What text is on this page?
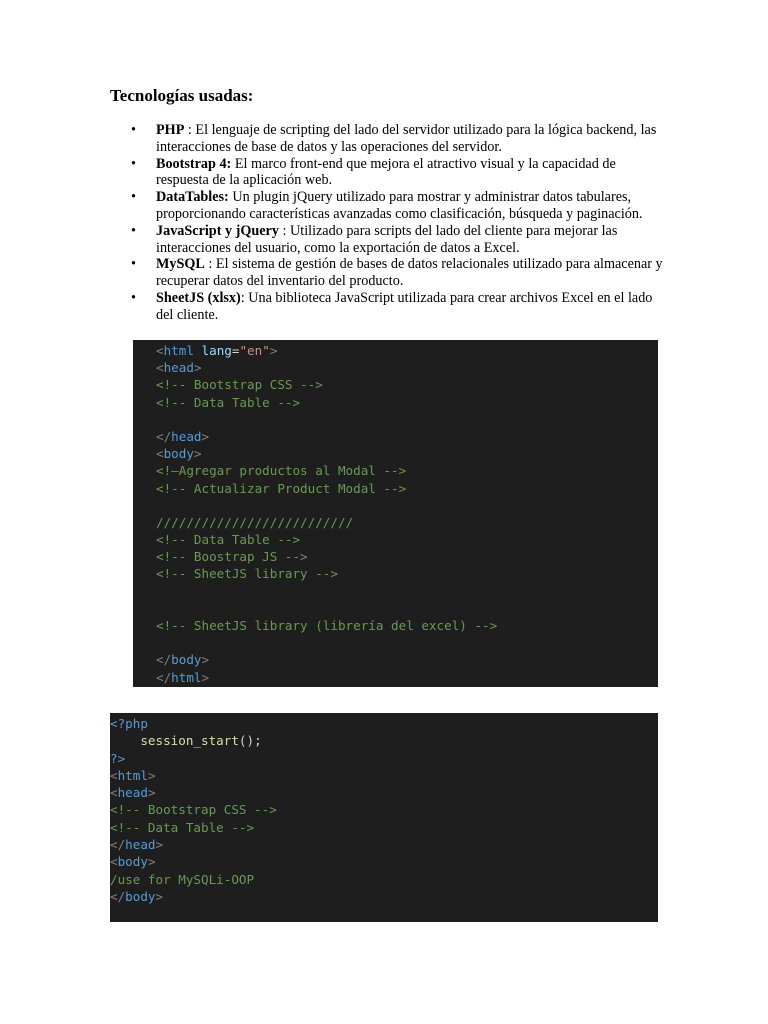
Tecnologías usadas:
• PHP : El lenguaje de scripting del lado del servidor utilizado para la lógica backend, las interacciones de base de datos y las operaciones del servidor.
• Bootstrap 4: El marco front-end que mejora el atractivo visual y la capacidad de respuesta de la aplicación web.
• DataTables: Un plugin jQuery utilizado para mostrar y administrar datos tabulares, proporcionando características avanzadas como clasificación, búsqueda y paginación.
• JavaScript y jQuery : Utilizado para scripts del lado del cliente para mejorar las interacciones del usuario, como la exportación de datos a Excel.
• MySQL : El sistema de gestión de bases de datos relacionales utilizado para almacenar y recuperar datos del inventario del producto.
• SheetJS (xlsx): Una biblioteca JavaScript utilizada para crear archivos Excel en el lado del cliente.
• <html lang="en">
• <head>
• <!-- Bootstrap CSS -->
• <!-- Data Table -->
•
• </head>
• <body>
• <!—Agregar productos al Modal -->
• <!-- Actualizar Product Modal -->
•
• //////////////////////////
• <!-- Data Table -->
• <!-- Boostrap JS -->
• <!-- SheetJS library -->
•
•
• <!-- SheetJS library (librería del excel) -->
•
• </body>
• </html>
<?php
session_start();
?>
<html>
<head>
<!-- Bootstrap CSS -->
<!-- Data Table -->
</head>
<body>
/use for MySQLi-OOP
</body>
